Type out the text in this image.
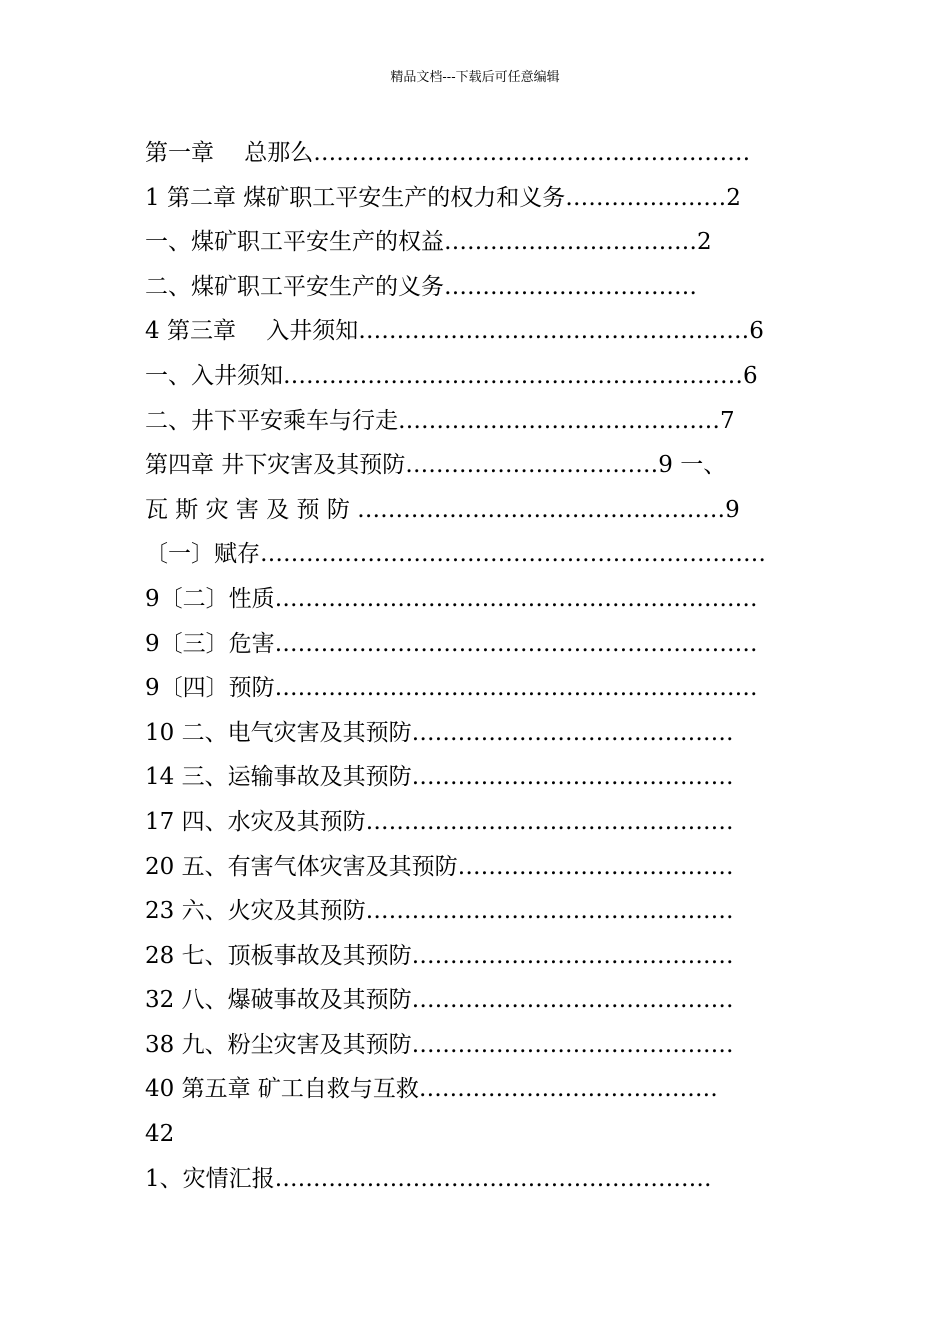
精品文档---下载后可任意编辑
第一章　 总那么…………………………………………………
1 第二章 煤矿职工平安生产的权力和义务…………………2
一、煤矿职工平安生产的权益……………………………2
二、煤矿职工平安生产的义务……………………………
4 第三章　 入井须知……………………………………………6
一、入井须知……………………………………………………6
二、井下平安乘车与行走……………………………………7
第四章 井下灾害及其预防……………………………9 一、
瓦 斯 灾 害 及 预 防 …………………………………………9
〔一〕赋存…………………………………………………………
9〔二〕性质………………………………………………………
9〔三〕危害………………………………………………………
9〔四〕预防………………………………………………………
10 二、电气灾害及其预防……………………………………
14 三、运输事故及其预防……………………………………
17 四、水灾及其预防…………………………………………
20 五、有害气体灾害及其预防………………………………
23 六、火灾及其预防…………………………………………
28 七、顶板事故及其预防……………………………………
32 八、爆破事故及其预防……………………………………
38 九、粉尘灾害及其预防……………………………………
40 第五章 矿工自救与互救…………………………………
42
1、灾情汇报…………………………………………………
